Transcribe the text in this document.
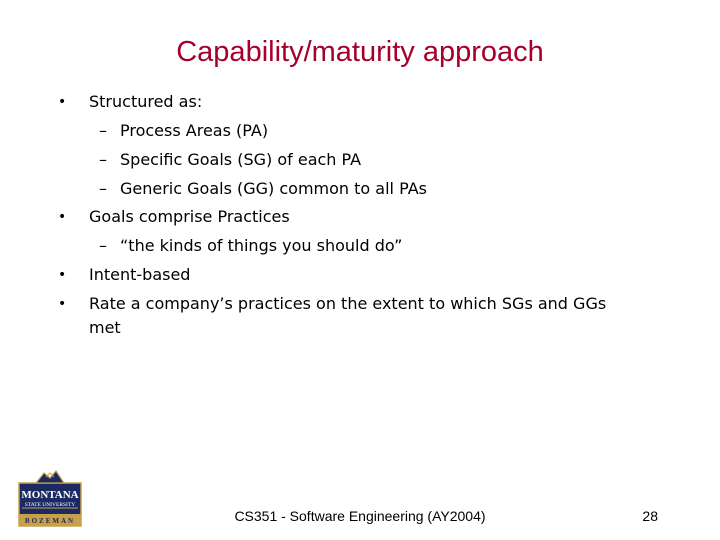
Capability/maturity approach
• Structured as:
– Process Areas (PA)
– Specific Goals (SG) of each PA
– Generic Goals (GG) common to all PAs
• Goals comprise Practices
– “the kinds of things you should do”
• Intent-based
• Rate a company’s practices on the extent to which SGs and GGs
met
MONTANA
STATE UNIVERSITY
BOZEMAN	CS351 - Software Engineering (AY2004)	28
